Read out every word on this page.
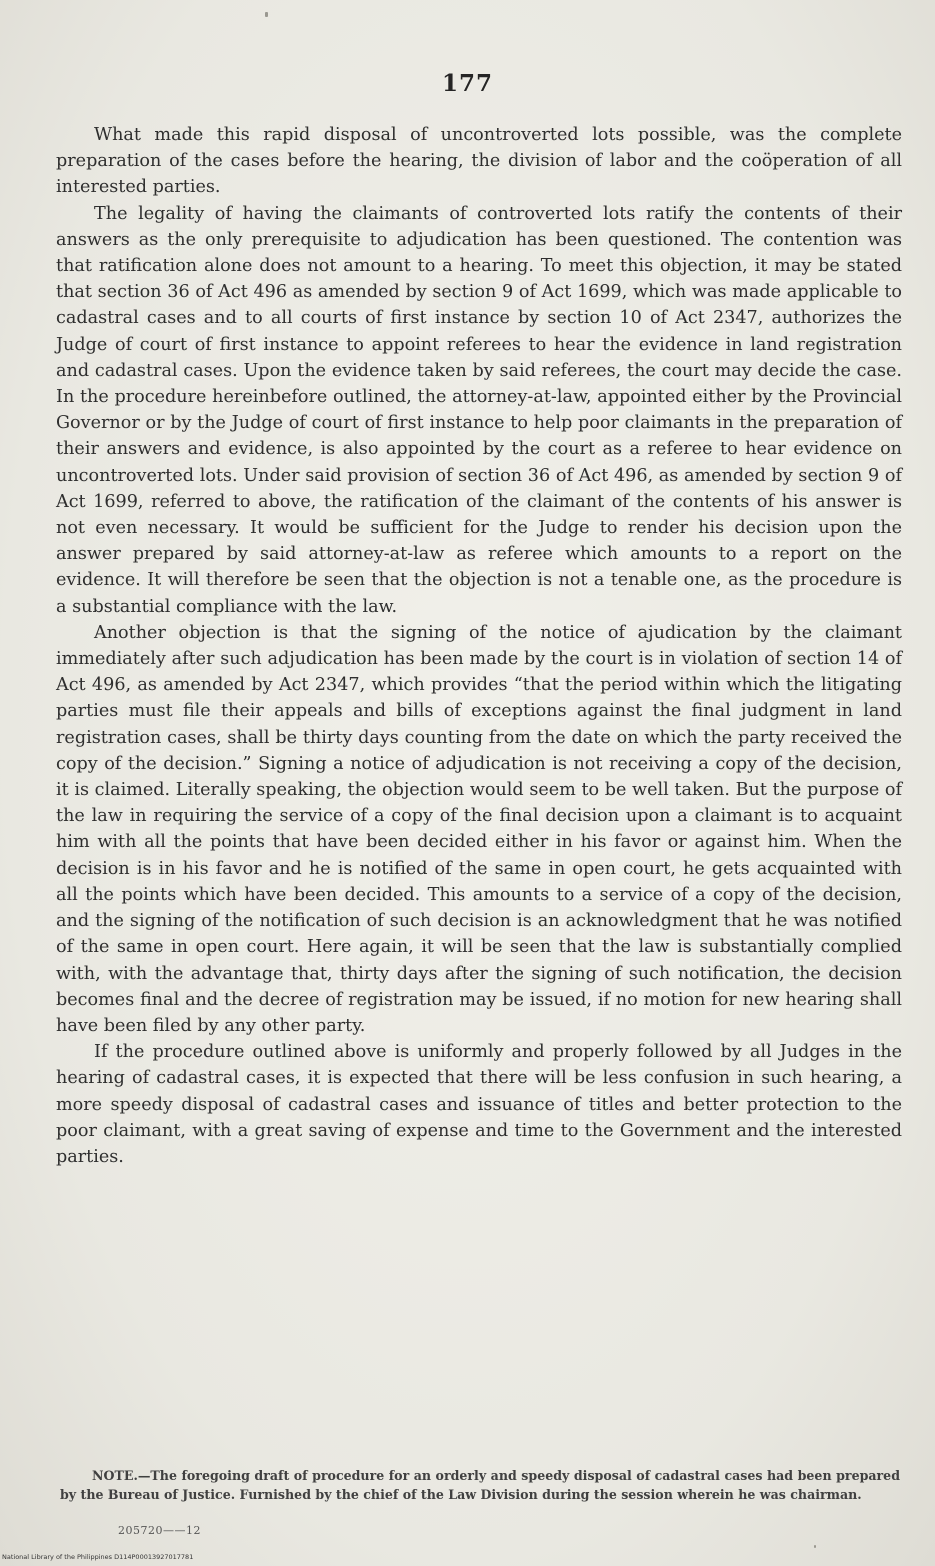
177

What made this rapid disposal of uncontroverted lots possible, was the complete preparation of the cases before the hearing, the division of labor and the coöperation of all interested parties.

The legality of having the claimants of controverted lots ratify the contents of their answers as the only prerequisite to adjudication has been questioned. The contention was that ratification alone does not amount to a hearing. To meet this objection, it may be stated that section 36 of Act 496 as amended by section 9 of Act 1699, which was made applicable to cadastral cases and to all courts of first instance by section 10 of Act 2347, authorizes the Judge of court of first instance to appoint referees to hear the evidence in land registration and cadastral cases. Upon the evidence taken by said referees, the court may decide the case. In the procedure hereinbefore outlined, the attorney-at-law, appointed either by the Provincial Governor or by the Judge of court of first instance to help poor claimants in the preparation of their answers and evidence, is also appointed by the court as a referee to hear evidence on uncontroverted lots. Under said provision of section 36 of Act 496, as amended by section 9 of Act 1699, referred to above, the ratification of the claimant of the contents of his answer is not even necessary. It would be sufficient for the Judge to render his decision upon the answer prepared by said attorney-at-law as referee which amounts to a report on the evidence. It will therefore be seen that the objection is not a tenable one, as the procedure is a substantial compliance with the law.

Another objection is that the signing of the notice of ajudication by the claimant immediately after such adjudication has been made by the court is in violation of section 14 of Act 496, as amended by Act 2347, which provides “that the period within which the litigating parties must file their appeals and bills of exceptions against the final judgment in land registration cases, shall be thirty days counting from the date on which the party received the copy of the decision.” Signing a notice of adjudication is not receiving a copy of the decision, it is claimed. Literally speaking, the objection would seem to be well taken. But the purpose of the law in requiring the service of a copy of the final decision upon a claimant is to acquaint him with all the points that have been decided either in his favor or against him. When the decision is in his favor and he is notified of the same in open court, he gets acquainted with all the points which have been decided. This amounts to a service of a copy of the decision, and the signing of the notification of such decision is an acknowledgment that he was notified of the same in open court. Here again, it will be seen that the law is substantially complied with, with the advantage that, thirty days after the signing of such notification, the decision becomes final and the decree of registration may be issued, if no motion for new hearing shall have been filed by any other party.

If the procedure outlined above is uniformly and properly followed by all Judges in the hearing of cadastral cases, it is expected that there will be less confusion in such hearing, a more speedy disposal of cadastral cases and issuance of titles and better protection to the poor claimant, with a great saving of expense and time to the Government and the interested parties.

NOTE.—The foregoing draft of procedure for an orderly and speedy disposal of cadastral cases had been prepared by the Bureau of Justice. Furnished by the chief of the Law Division during the session wherein he was chairman.

205720——12
National Library of the Philippines D114P00013927017781
